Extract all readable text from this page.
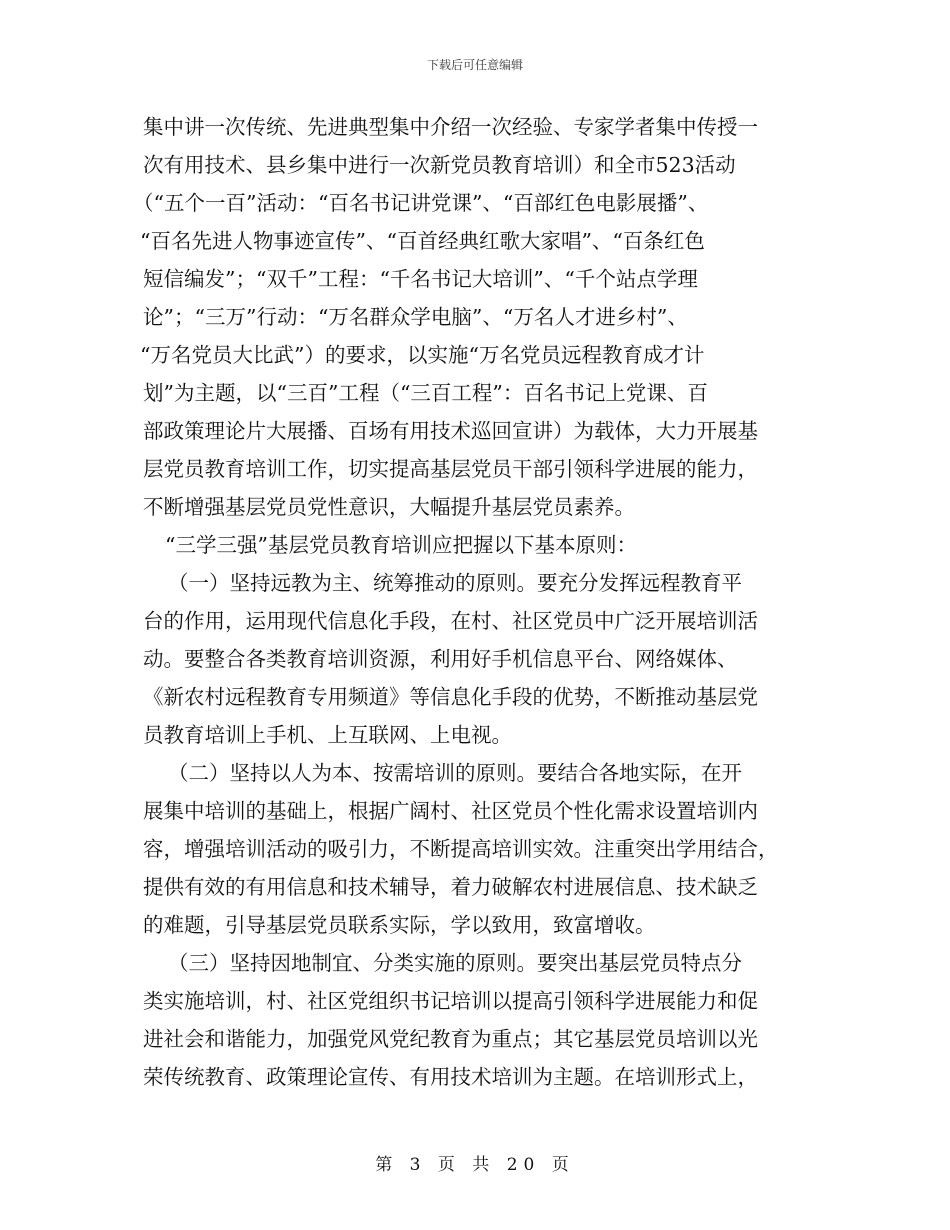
下载后可任意编辑
集中讲一次传统、先进典型集中介绍一次经验、专家学者集中传授一
次有用技术、县乡集中进行一次新党员教育培训）和全市523活动
（“五个一百”活动：“百名书记讲党课”、“百部红色电影展播”、
“百名先进人物事迹宣传”、“百首经典红歌大家唱”、“百条红色
短信编发”；“双千”工程：“千名书记大培训”、“千个站点学理
论”；“三万”行动：“万名群众学电脑”、“万名人才进乡村”、
“万名党员大比武”）的要求，以实施“万名党员远程教育成才计
划”为主题，以“三百”工程（“三百工程”：百名书记上党课、百
部政策理论片大展播、百场有用技术巡回宣讲）为载体，大力开展基
层党员教育培训工作，切实提高基层党员干部引领科学进展的能力，
不断增强基层党员党性意识，大幅提升基层党员素养。
“三学三强”基层党员教育培训应把握以下基本原则：
（一）坚持远教为主、统筹推动的原则。要充分发挥远程教育平
台的作用，运用现代信息化手段，在村、社区党员中广泛开展培训活
动。要整合各类教育培训资源，利用好手机信息平台、网络媒体、
《新农村远程教育专用频道》等信息化手段的优势，不断推动基层党
员教育培训上手机、上互联网、上电视。
（二）坚持以人为本、按需培训的原则。要结合各地实际，在开
展集中培训的基础上，根据广阔村、社区党员个性化需求设置培训内
容，增强培训活动的吸引力，不断提高培训实效。注重突出学用结合，
提供有效的有用信息和技术辅导，着力破解农村进展信息、技术缺乏
的难题，引导基层党员联系实际，学以致用，致富增收。
（三）坚持因地制宜、分类实施的原则。要突出基层党员特点分
类实施培训，村、社区党组织书记培训以提高引领科学进展能力和促
进社会和谐能力，加强党风党纪教育为重点；其它基层党员培训以光
荣传统教育、政策理论宣传、有用技术培训为主题。在培训形式上，
第 3 页 共 20 页
